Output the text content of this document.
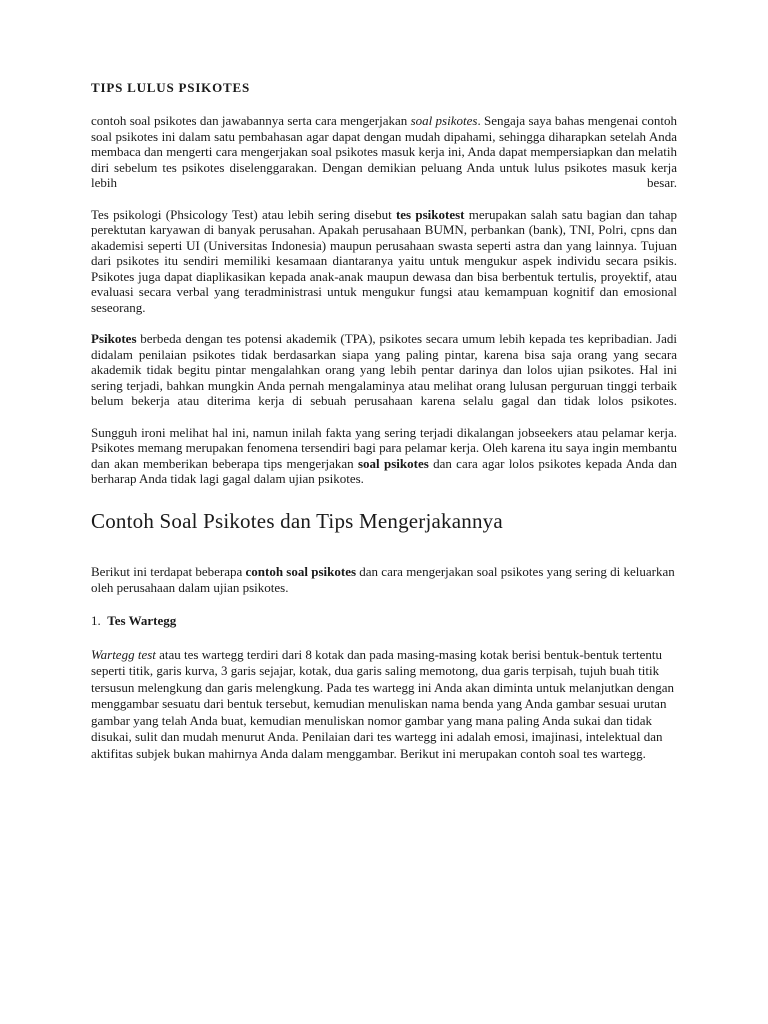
TIPS LULUS PSIKOTES

contoh soal psikotes dan jawabannya serta cara mengerjakan soal psikotes. Sengaja saya bahas mengenai contoh soal psikotes ini dalam satu pembahasan agar dapat dengan mudah dipahami, sehingga diharapkan setelah Anda membaca dan mengerti cara mengerjakan soal psikotes masuk kerja ini, Anda dapat mempersiapkan dan melatih diri sebelum tes psikotes diselenggarakan. Dengan demikian peluang Anda untuk lulus psikotes masuk kerja lebih besar.

Tes psikologi (Phsicology Test) atau lebih sering disebut tes psikotest merupakan salah satu bagian dan tahap perektutan karyawan di banyak perusahan. Apakah perusahaan BUMN, perbankan (bank), TNI, Polri, cpns dan akademisi seperti UI (Universitas Indonesia) maupun perusahaan swasta seperti astra dan yang lainnya. Tujuan dari psikotes itu sendiri memiliki kesamaan diantaranya yaitu untuk mengukur aspek individu secara psikis. Psikotes juga dapat diaplikasikan kepada anak-anak maupun dewasa dan bisa berbentuk tertulis, proyektif, atau evaluasi secara verbal yang teradministrasi untuk mengukur fungsi atau kemampuan kognitif dan emosional seseorang.

Psikotes berbeda dengan tes potensi akademik (TPA), psikotes secara umum lebih kepada tes kepribadian. Jadi didalam penilaian psikotes tidak berdasarkan siapa yang paling pintar, karena bisa saja orang yang secara akademik tidak begitu pintar mengalahkan orang yang lebih pentar darinya dan lolos ujian psikotes. Hal ini sering terjadi, bahkan mungkin Anda pernah mengalaminya atau melihat orang lulusan perguruan tinggi terbaik belum bekerja atau diterima kerja di sebuah perusahaan karena selalu gagal dan tidak lolos psikotes.

Sungguh ironi melihat hal ini, namun inilah fakta yang sering terjadi dikalangan jobseekers atau pelamar kerja. Psikotes memang merupakan fenomena tersendiri bagi para pelamar kerja. Oleh karena itu saya ingin membantu dan akan memberikan beberapa tips mengerjakan soal psikotes dan cara agar lolos psikotes kepada Anda dan berharap Anda tidak lagi gagal dalam ujian psikotes.

Contoh Soal Psikotes dan Tips Mengerjakannya

Berikut ini terdapat beberapa contoh soal psikotes dan cara mengerjakan soal psikotes yang sering di keluarkan oleh perusahaan dalam ujian psikotes.

1. Tes Wartegg

Wartegg test atau tes wartegg terdiri dari 8 kotak dan pada masing-masing kotak berisi bentuk-bentuk tertentu seperti titik, garis kurva, 3 garis sejajar, kotak, dua garis saling memotong, dua garis terpisah, tujuh buah titik tersusun melengkung dan garis melengkung. Pada tes wartegg ini Anda akan diminta untuk melanjutkan dengan menggambar sesuatu dari bentuk tersebut, kemudian menuliskan nama benda yang Anda gambar sesuai urutan gambar yang telah Anda buat, kemudian menuliskan nomor gambar yang mana paling Anda sukai dan tidak disukai, sulit dan mudah menurut Anda. Penilaian dari tes wartegg ini adalah emosi, imajinasi, intelektual dan aktifitas subjek bukan mahirnya Anda dalam menggambar. Berikut ini merupakan contoh soal tes wartegg.
